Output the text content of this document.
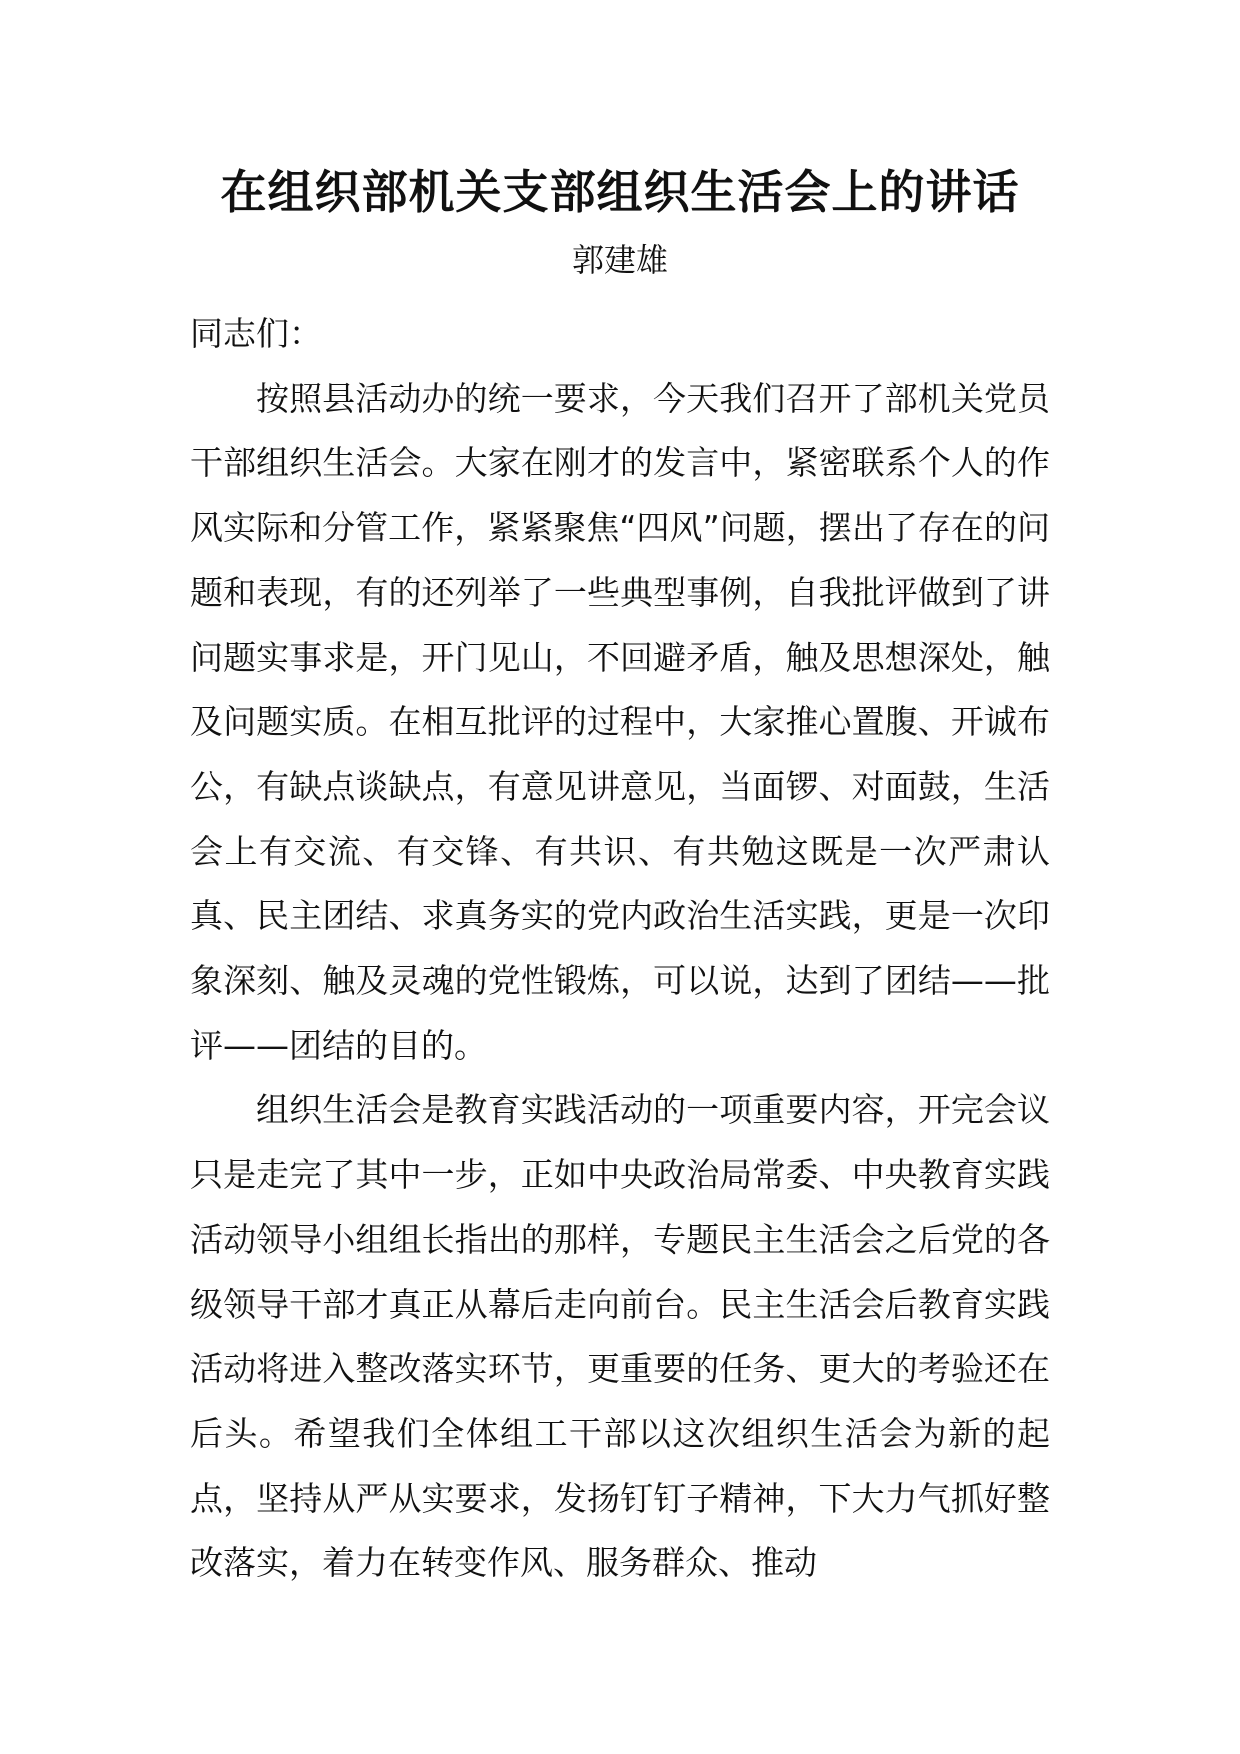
在组织部机关支部组织生活会上的讲话
郭建雄

同志们：

按照县活动办的统一要求，今天我们召开了部机关党员干部组织生活会。大家在刚才的发言中，紧密联系个人的作风实际和分管工作，紧紧聚焦“四风”问题，摆出了存在的问题和表现，有的还列举了一些典型事例，自我批评做到了讲问题实事求是，开门见山，不回避矛盾，触及思想深处，触及问题实质。在相互批评的过程中，大家推心置腹、开诚布公，有缺点谈缺点，有意见讲意见，当面锣、对面鼓，生活会上有交流、有交锋、有共识、有共勉这既是一次严肃认真、民主团结、求真务实的党内政治生活实践，更是一次印象深刻、触及灵魂的党性锻炼，可以说，达到了团结——批评——团结的目的。

组织生活会是教育实践活动的一项重要内容，开完会议只是走完了其中一步，正如中央政治局常委、中央教育实践活动领导小组组长指出的那样，专题民主生活会之后党的各级领导干部才真正从幕后走向前台。民主生活会后教育实践活动将进入整改落实环节，更重要的任务、更大的考验还在后头。希望我们全体组工干部以这次组织生活会为新的起点，坚持从严从实要求，发扬钉钉子精神，下大力气抓好整改落实，着力在转变作风、服务群众、推动
